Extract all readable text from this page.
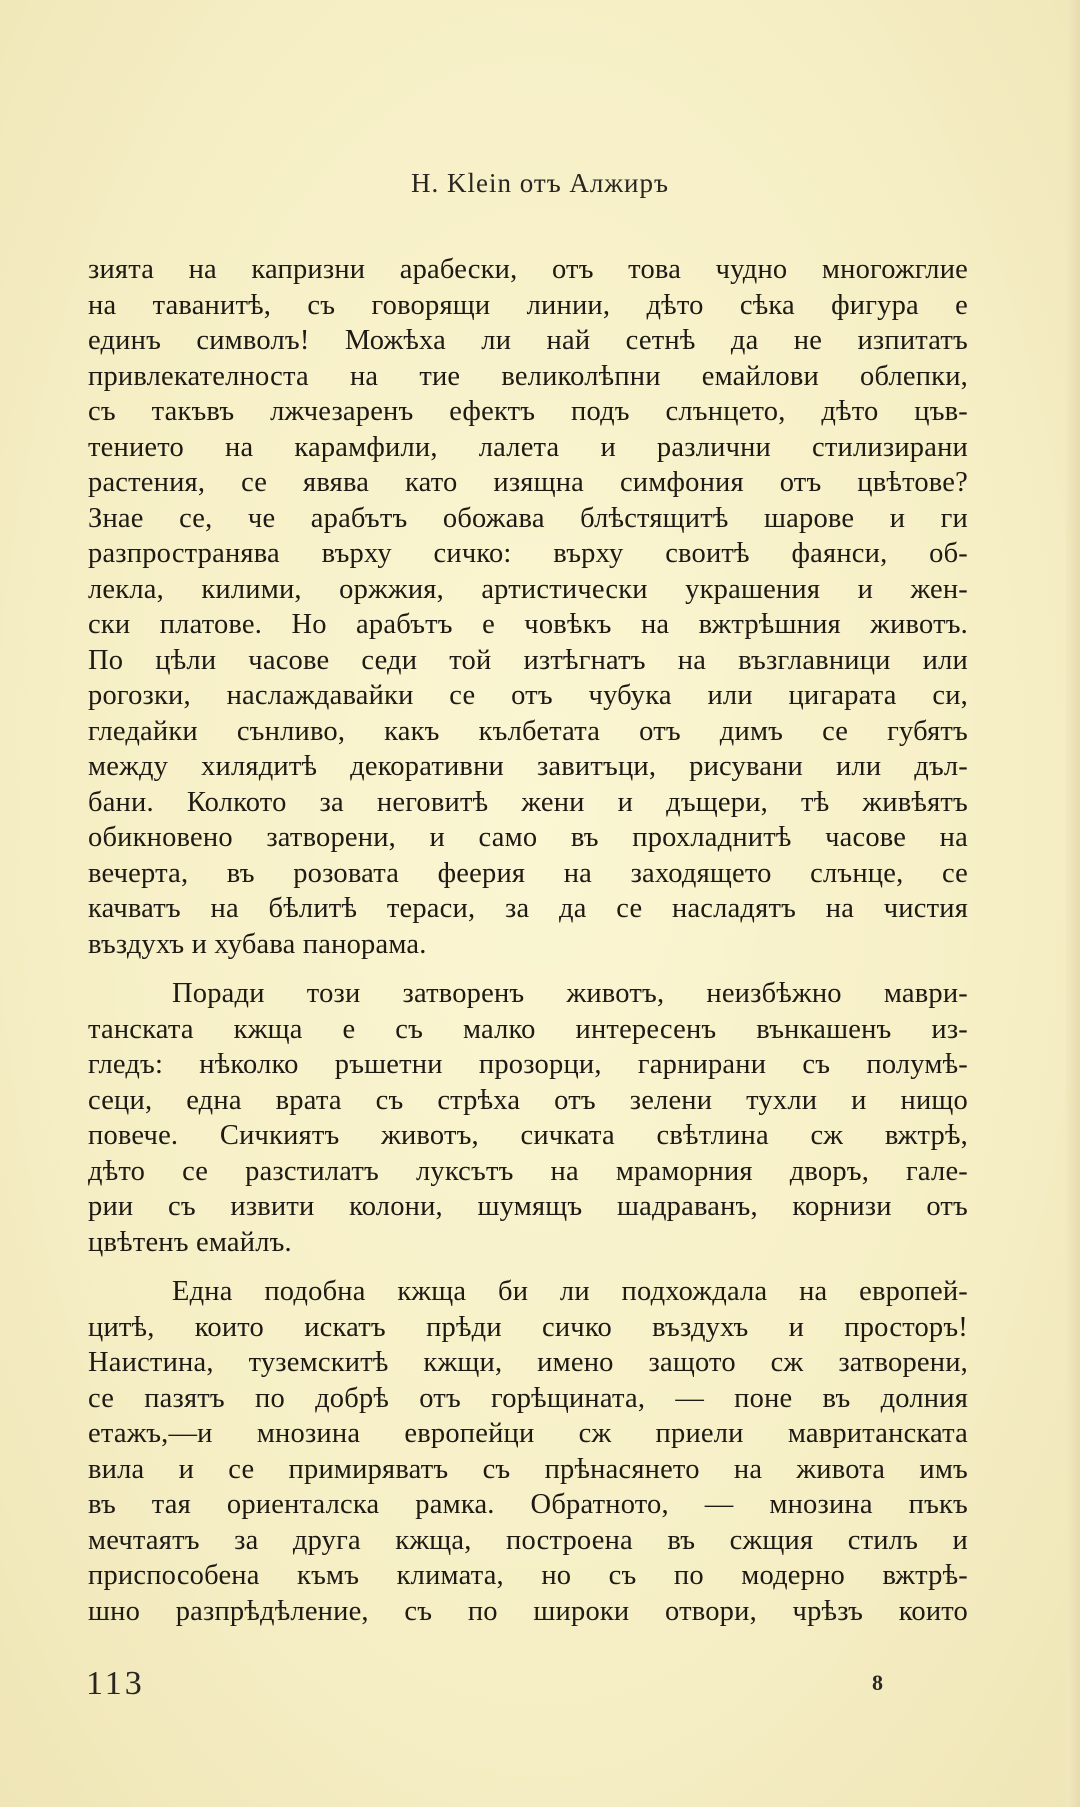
H. Klein отъ Алжиръ
зията на капризни арабески, отъ това чудно многожглие
на таванитѣ, съ говорящи линии, дѣто сѣка фигура е
единъ символъ! Можѣха ли най сетнѣ да не изпитатъ
привлекателноста на тие великолѣпни емайлови облепки,
съ такъвъ лжчезаренъ ефектъ подъ слънцето, дѣто цъв-
тението на карамфили, лалета и различни стилизирани
растения, се явява като изящна симфония отъ цвѣтове?
Знае се, че арабътъ обожава блѣстящитѣ шарове и ги
разпространява върху сичко: върху своитѣ фаянси, об-
лекла, килими, оржжия, артистически украшения и жен-
ски платове. Но арабътъ е човѣкъ на вжтрѣшния животъ.
По цѣли часове седи той изтѣгнатъ на възглавници или
рогозки, наслаждавайки се отъ чубука или цигарата си,
гледайки сънливо, какъ кълбетата отъ димъ се губятъ
между хилядитѣ декоративни завитъци, рисувани или дъл-
бани. Колкото за неговитѣ жени и дъщери, тѣ живѣятъ
обикновено затворени, и само въ прохладнитѣ часове на
вечерта, въ розовата феерия на заходящето слънце, се
качватъ на бѣлитѣ тераси, за да се насладятъ на чистия
въздухъ и хубава панорама.
Поради този затворенъ животъ, неизбѣжно маври-
танската кжща е съ малко интересенъ вънкашенъ из-
гледъ: нѣколко ръшетни прозорци, гарнирани съ полумѣ-
сеци, една врата съ стрѣха отъ зелени тухли и нищо
повече. Сичкиятъ животъ, сичката свѣтлина сж вжтрѣ,
дѣто се разстилатъ луксътъ на мраморния дворъ, гале-
рии съ извити колони, шумящъ шадраванъ, корнизи отъ
цвѣтенъ емайлъ.
Една подобна кжща би ли подхождала на европей-
цитѣ, които искатъ прѣди сичко въздухъ и просторъ!
Наистина, туземскитѣ кжщи, имено защото сж затворени,
се пазятъ по добрѣ отъ горѣщината, — поне въ долния
етажъ,—и мнозина европейци сж приели мавританската
вила и се примиряватъ съ прѣнасянето на живота имъ
въ тая ориенталска рамка. Обратното, — мнозина пъкъ
мечтаятъ за друга кжща, построена въ сжщия стилъ и
приспособена къмъ климата, но съ по модерно вжтрѣ-
шно разпрѣдѣление, съ по широки отвори, чрѣзъ които
113	8
